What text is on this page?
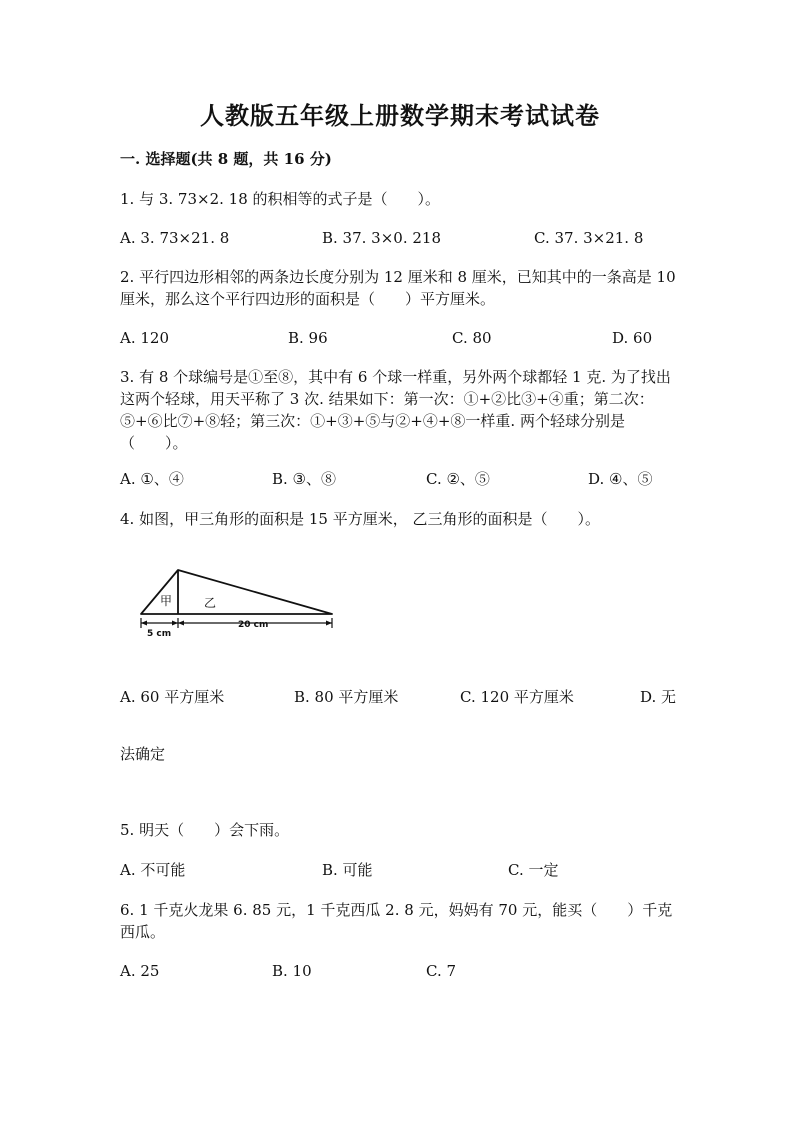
人教版五年级上册数学期末考试试卷
一. 选择题(共 8 题，共 16 分)
1. 与 3. 73×2. 18 的积相等的式子是（　　）。
A. 3. 73×21. 8	B. 37. 3×0. 218	C. 37. 3×21. 8
2. 平行四边形相邻的两条边长度分别为 12 厘米和 8 厘米，已知其中的一条高是 10 厘米，那么这个平行四边形的面积是（　　）平方厘米。
A. 120	B. 96	C. 80	D. 60
3. 有 8 个球编号是①至⑧，其中有 6 个球一样重，另外两个球都轻 1 克. 为了找出这两个轻球，用天平称了 3 次. 结果如下：第一次：①+②比③+④重；第二次：⑤+⑥比⑦+⑧轻；第三次：①+③+⑤与②+④+⑧一样重. 两个轻球分别是（　　）。
A. ①、④	B. ③、⑧	C. ②、⑤	D. ④、⑤
4. 如图，甲三角形的面积是 15 平方厘米， 乙三角形的面积是（　　）。
甲	乙
5 cm
20 cm
A. 60 平方厘米	B. 80 平方厘米	C. 120 平方厘米	D. 无
法确定
5. 明天（　　）会下雨。
A. 不可能	B. 可能	C. 一定
6. 1 千克火龙果 6. 85 元，1 千克西瓜 2. 8 元，妈妈有 70 元，能买（　　）千克西瓜。
A. 25	B. 10	C. 7
